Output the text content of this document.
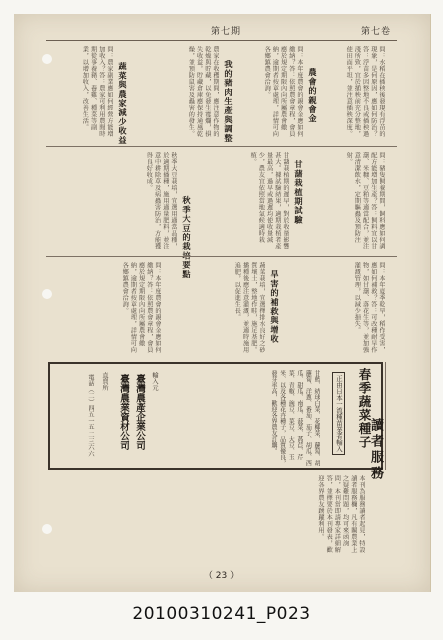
第七期	第七卷
問：水稻在插秧後發現有浮苗的現象，是何原因，應如何防治？答：浮苗多因整地不良或插秧過淺所致，宜於插秧前充分整地，使田面平坦，並注意插秧深度。
農會的親會金
問：本年度農會的親會金應如何繳納？答：依照農會章程，會員應於規定期限內向所屬農會繳納，逾期者按章處理，詳情可向各鄉鎮農會洽詢。
我的豬肉生產與調整
農家在收穫期間，應注意作物的乾燥與貯藏，以免發生霉爛，損失收益。貯藏倉庫應保持通風乾燥，並預防鼠害及蟲害的發生。
蔬菜與農家減少收益
問：農家副業應如何經營方能增加收入？答：農家可利用農閒時期從事養豬、養雞、種菜等副業，以增加收入，改善生活。
問：豬隻飼養期間，飼料應如何調配方能增加生產？答：飼料宜以甘藷、米糠、豆粕等適當配合，並注意清潔飲水，定期驅蟲及預防注射。
甘藷栽植期試驗
甘藷栽植期的遲早，對於收量影響甚大。據試驗結果，適期栽植者產量最高，過早或過遲均使收量減少，農友宜依照當地氣候適時栽植。
秋季大豆的栽培要點
秋季大豆栽培，宜選用適當品種，於適期播種，施用適量肥料，並注意中耕除草及病蟲害防治，方能獲得良好收成。
問：本年夏季乾旱，稻作受害，應如何補救？答：可改種耐旱作物，如甘藷、落花生等，並加強灌溉管理，以減少損失。
旱害的補救與增收
蔬菜栽培，宜選擇排水良好之砂質壤土，整地作畦，施足基肥。播種後應注意灌溉，並適時施用追肥，以促進生長。
問：本年度農會的親會金應如何繳納？答：依照農會章程，會員應於規定期限內向所屬農會繳納，逾期者按章處理，詳情可向各鄉鎮農會洽詢。
春季蔬菜種子
正由日本一流種苗業者輸入
甘藍、結球白菜、花椰菜、蘿蔔、胡蘿蔔、洋蔥、番茄、茄子、胡瓜、西瓜、甜瓜、南瓜、菠菜、萵苣、芹菜、青椒、豌豆、菜豆、大豆、玉米、以及各種花卉種子，品質優良，發芽率高，歡迎各界農友訂購。
輸入元
臺灣農產企業公司
臺灣農業資材公司
直賣所
電話（二）四五一五 二三六六	讀者服務
本刊為服務讀者起見，特設讀者服務欄，凡有關農業上之疑難問題，均可來函詢問，本刊當即請專家詳細解答，並擇要於本刊發表，歡迎各界農友踴躍利用。
（ 23 ）
20100310241_P023
